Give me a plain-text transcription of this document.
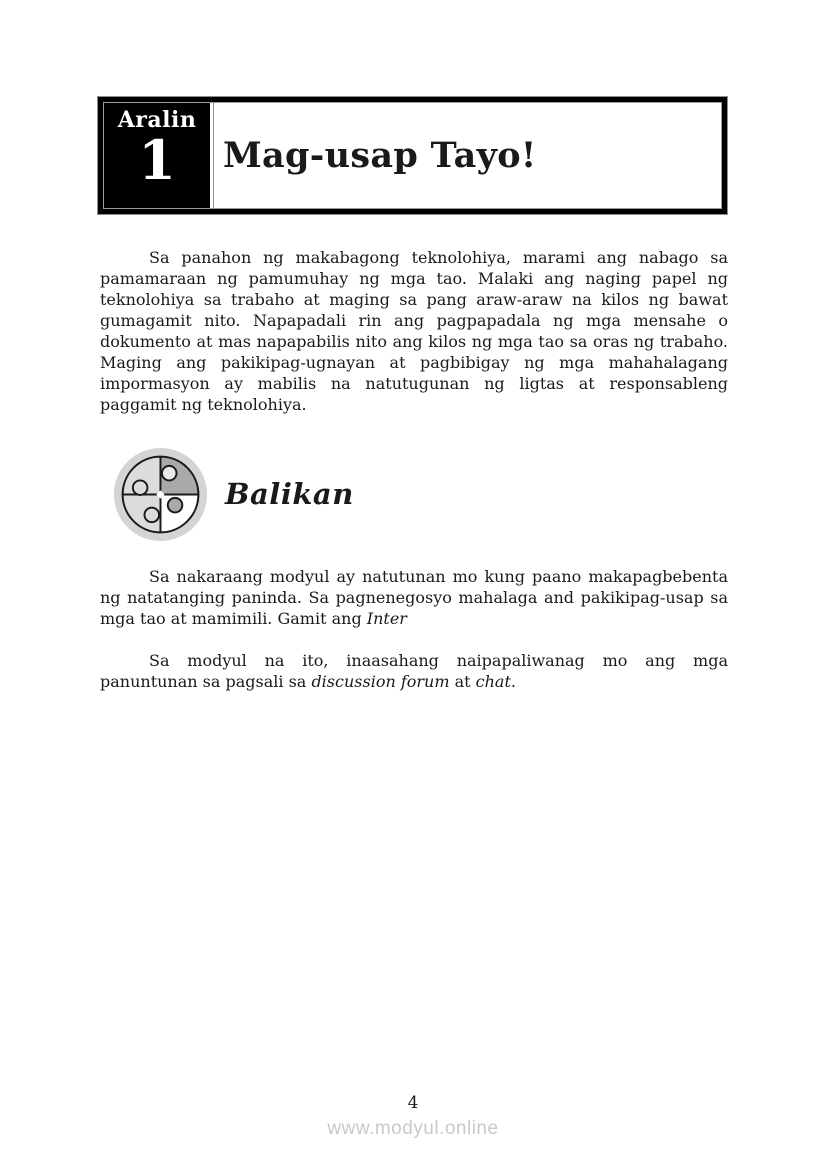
Aralin
1 Mag-usap Tayo!

Sa panahon ng makabagong teknolohiya, marami ang nabago sa pamamaraan ng pamumuhay ng mga tao. Malaki ang naging papel ng teknolohiya sa trabaho at maging sa pang araw-araw na kilos ng bawat gumagamit nito. Napapadali rin ang pagpapadala ng mga mensahe o dokumento at mas napapabilis nito ang kilos ng mga tao sa oras ng trabaho. Maging ang pakikipag-ugnayan at pagbibigay ng mga mahahalagang impormasyon ay mabilis na natutugunan ng ligtas at responsableng paggamit ng teknolohiya.

Balikan

Sa nakaraang modyul ay natutunan mo kung paano makapagbebenta ng natatanging paninda. Sa pagnenegosyo mahalaga and pakikipag-usap sa mga tao at mamimili. Gamit ang Inter

Sa modyul na ito, inaasahang naipapaliwanag mo ang mga panuntunan sa pagsali sa discussion forum at chat.

4
www.modyul.online
